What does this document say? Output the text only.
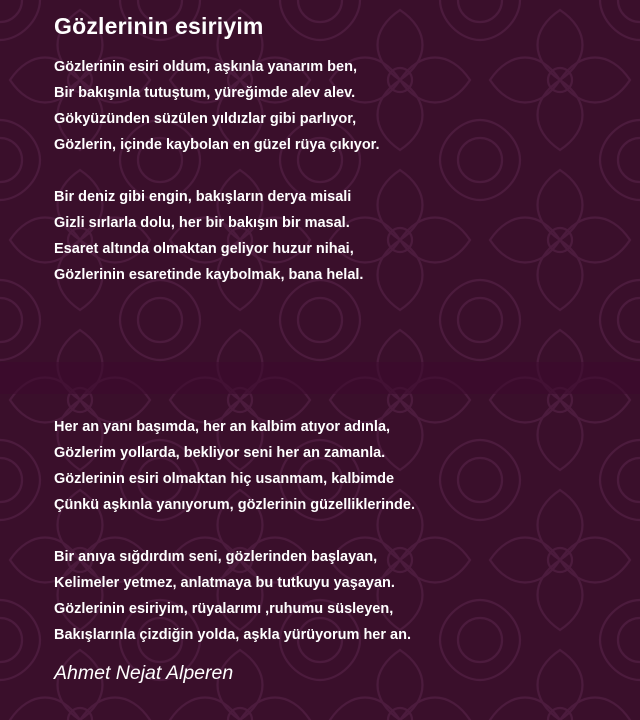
Gözlerinin esiriyim
Gözlerinin esiri oldum, aşkınla yanarım ben,
Bir bakışınla tutuştum, yüreğimde alev alev.
Gökyüzünden süzülen yıldızlar gibi parlıyor,
Gözlerin, içinde kaybolan en güzel rüya çıkıyor.
Bir deniz gibi engin, bakışların derya misali
Gizli sırlarla dolu, her bir bakışın bir masal.
Esaret altında olmaktan geliyor huzur nihai,
Gözlerinin esaretinde kaybolmak, bana helal.
Her an yanı başımda, her an kalbim atıyor adınla,
Gözlerim yollarda, bekliyor seni her an zamanla.
Gözlerinin esiri olmaktan hiç usanmam, kalbimde
Çünkü aşkınla yanıyorum, gözlerinin güzelliklerinde.
Bir anıya sığdırdım seni, gözlerinden başlayan,
Kelimeler yetmez, anlatmaya bu tutkuyu yaşayan.
Gözlerinin esiriyim, rüyalarımı ,ruhumu süsleyen,
Bakışlarınla çizdiğin yolda, aşkla yürüyorum her an.
Ahmet Nejat Alperen
